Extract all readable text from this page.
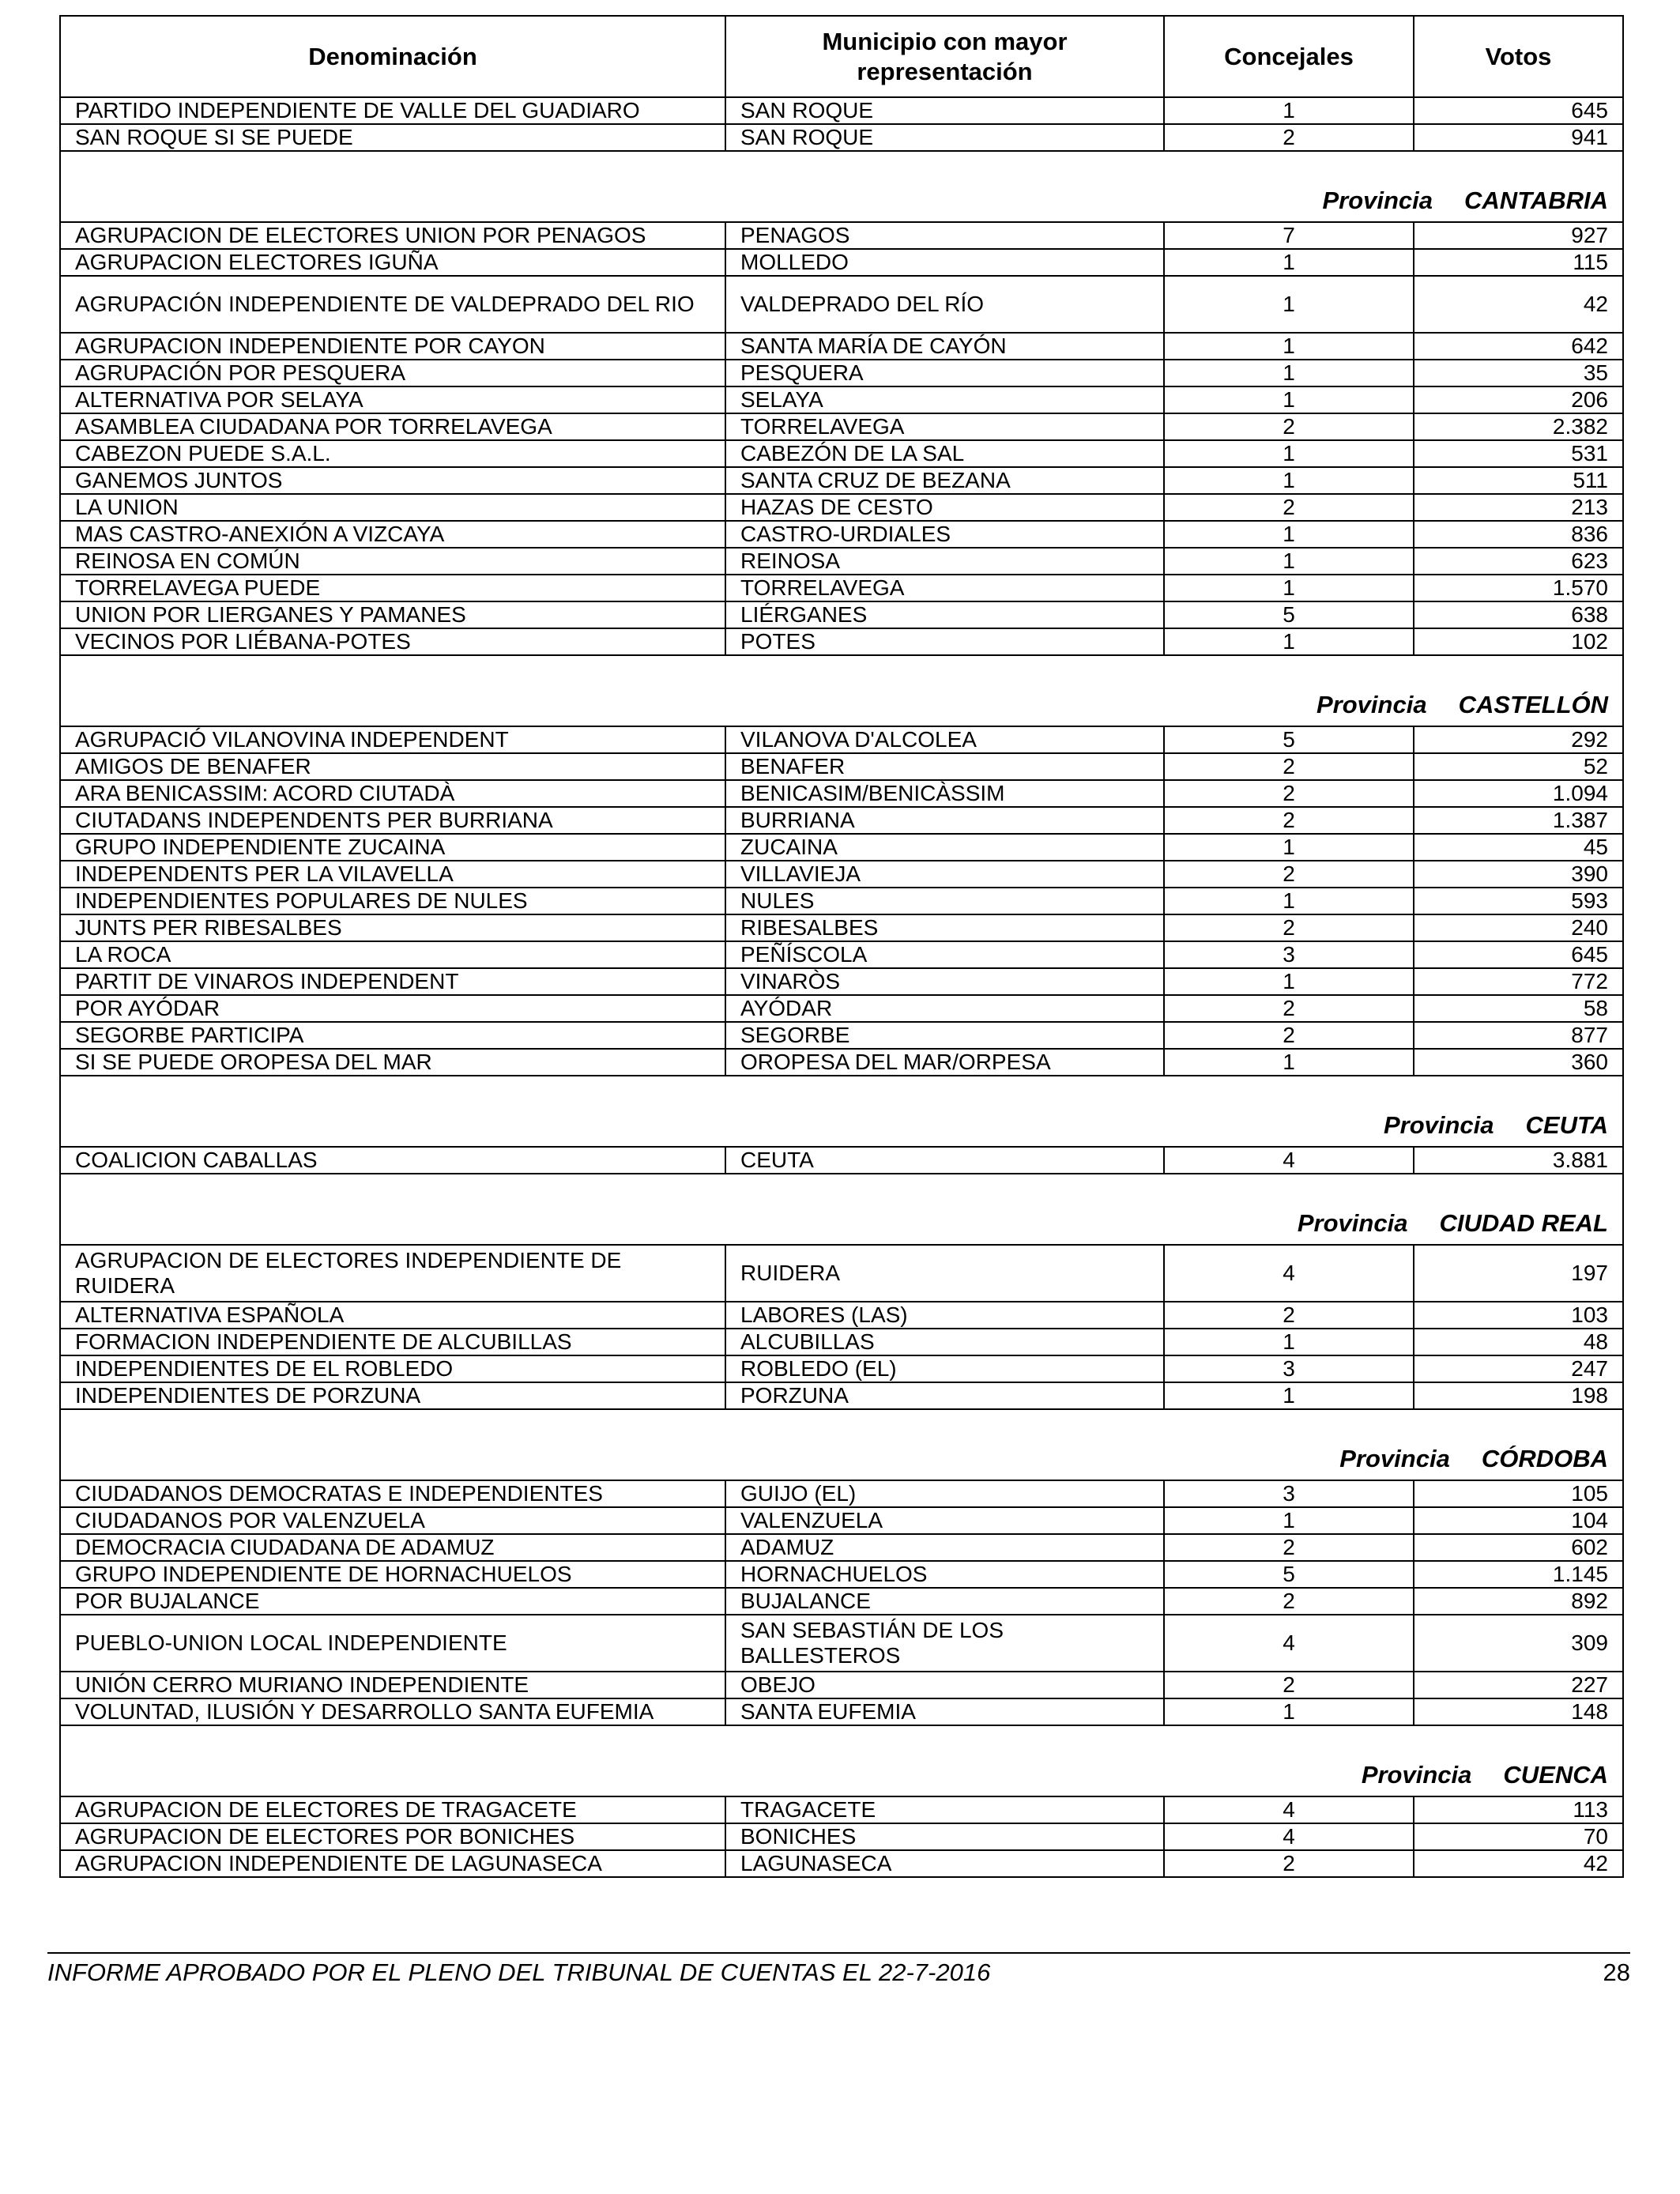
Denominación	Municipio con mayor representación	Concejales	Votos
PARTIDO INDEPENDIENTE DE VALLE DEL GUADIARO	SAN ROQUE	1	645
SAN ROQUE SI SE PUEDE	SAN ROQUE	2	941
Provincia CANTABRIA			
AGRUPACION DE ELECTORES UNION POR PENAGOS	PENAGOS	7	927
AGRUPACION ELECTORES IGUÑA	MOLLEDO	1	115
AGRUPACIÓN INDEPENDIENTE DE VALDEPRADO DEL RIO	VALDEPRADO DEL RÍO	1	42
AGRUPACION INDEPENDIENTE POR CAYON	SANTA MARÍA DE CAYÓN	1	642
AGRUPACIÓN POR PESQUERA	PESQUERA	1	35
ALTERNATIVA POR SELAYA	SELAYA	1	206
ASAMBLEA CIUDADANA POR TORRELAVEGA	TORRELAVEGA	2	2.382
CABEZON PUEDE S.A.L.	CABEZÓN DE LA SAL	1	531
GANEMOS JUNTOS	SANTA CRUZ DE BEZANA	1	511
LA UNION	HAZAS DE CESTO	2	213
MAS CASTRO-ANEXIÓN A VIZCAYA	CASTRO-URDIALES	1	836
REINOSA EN COMÚN	REINOSA	1	623
TORRELAVEGA PUEDE	TORRELAVEGA	1	1.570
UNION POR LIERGANES Y PAMANES	LIÉRGANES	5	638
VECINOS POR LIÉBANA-POTES	POTES	1	102
Provincia CASTELLÓN			
AGRUPACIÓ VILANOVINA INDEPENDENT	VILANOVA D'ALCOLEA	5	292
AMIGOS DE BENAFER	BENAFER	2	52
ARA BENICASSIM: ACORD CIUTADÀ	BENICASIM/BENICÀSSIM	2	1.094
CIUTADANS INDEPENDENTS PER BURRIANA	BURRIANA	2	1.387
GRUPO INDEPENDIENTE ZUCAINA	ZUCAINA	1	45
INDEPENDENTS PER LA VILAVELLA	VILLAVIEJA	2	390
INDEPENDIENTES POPULARES DE NULES	NULES	1	593
JUNTS PER RIBESALBES	RIBESALBES	2	240
LA ROCA	PEÑÍSCOLA	3	645
PARTIT DE VINAROS INDEPENDENT	VINARÒS	1	772
POR AYÓDAR	AYÓDAR	2	58
SEGORBE PARTICIPA	SEGORBE	2	877
SI SE PUEDE OROPESA DEL MAR	OROPESA DEL MAR/ORPESA	1	360
Provincia CEUTA			
COALICION CABALLAS	CEUTA	4	3.881
Provincia CIUDAD REAL			
AGRUPACION DE ELECTORES INDEPENDIENTE DE RUIDERA	RUIDERA	4	197
ALTERNATIVA ESPAÑOLA	LABORES (LAS)	2	103
FORMACION INDEPENDIENTE DE ALCUBILLAS	ALCUBILLAS	1	48
INDEPENDIENTES DE EL ROBLEDO	ROBLEDO (EL)	3	247
INDEPENDIENTES DE PORZUNA	PORZUNA	1	198
Provincia CÓRDOBA			
CIUDADANOS DEMOCRATAS E INDEPENDIENTES	GUIJO (EL)	3	105
CIUDADANOS POR VALENZUELA	VALENZUELA	1	104
DEMOCRACIA CIUDADANA DE ADAMUZ	ADAMUZ	2	602
GRUPO INDEPENDIENTE DE HORNACHUELOS	HORNACHUELOS	5	1.145
POR BUJALANCE	BUJALANCE	2	892
PUEBLO-UNION LOCAL INDEPENDIENTE	SAN SEBASTIÁN DE LOS BALLESTEROS	4	309
UNIÓN CERRO MURIANO INDEPENDIENTE	OBEJO	2	227
VOLUNTAD, ILUSIÓN Y DESARROLLO SANTA EUFEMIA	SANTA EUFEMIA	1	148
Provincia CUENCA			
AGRUPACION DE ELECTORES DE TRAGACETE	TRAGACETE	4	113
AGRUPACION DE ELECTORES POR BONICHES	BONICHES	4	70
AGRUPACION INDEPENDIENTE DE LAGUNASECA	LAGUNASECA	2	42
INFORME APROBADO POR EL PLENO DEL TRIBUNAL DE CUENTAS EL 22-7-2016	28
